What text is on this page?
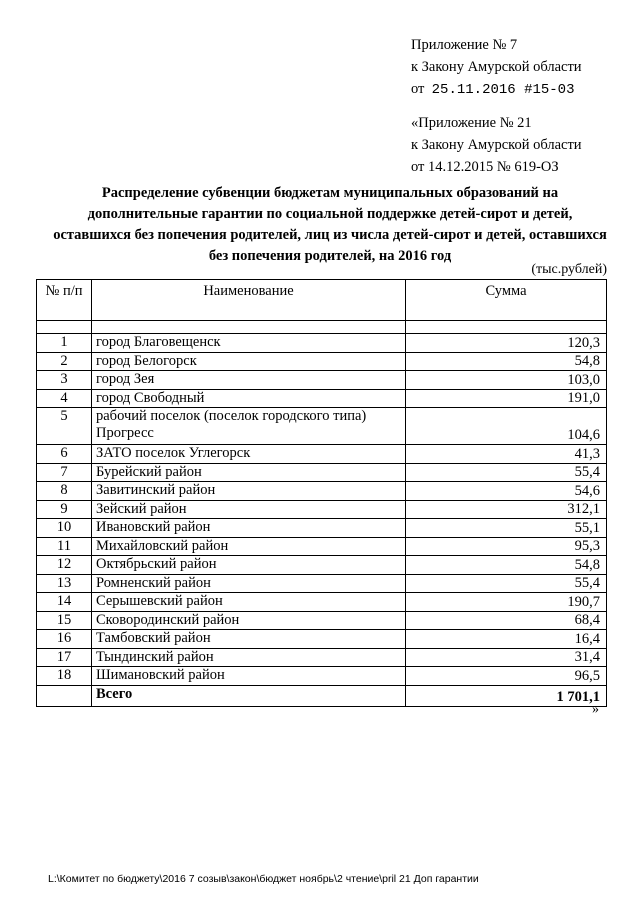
Приложение № 7
к Закону Амурской области
от 25.11.2016 #15-03
«Приложение № 21
к Закону Амурской области
от 14.12.2015 № 619-ОЗ
Распределение субвенции бюджетам муниципальных образований на дополнительные гарантии по социальной поддержке детей-сирот и детей, оставшихся без попечения родителей, лиц из числа детей-сирот и детей, оставшихся без попечения родителей, на 2016 год
(тыс.рублей)
№ п/п	Наименование	Сумма

1	город Благовещенск	120,3
2	город Белогорск	54,8
3	город Зея	103,0
4	город Свободный	191,0
5	рабочий поселок (поселок городского типа) Прогресс	104,6
6	ЗАТО поселок Углегорск	41,3
7	Бурейский район	55,4
8	Завитинский район	54,6
9	Зейский район	312,1
10	Ивановский район	55,1
11	Михайловский район	95,3
12	Октябрьский район	54,8
13	Ромненский район	55,4
14	Серышевский район	190,7
15	Сковородинский район	68,4
16	Тамбовский район	16,4
17	Тындинский район	31,4
18	Шимановский район	96,5
	Всего	1 701,1
»
L:\Комитет по бюджету\2016 7 созыв\закон\бюджет ноябрь\2 чтение\pril 21 Доп гарантии
